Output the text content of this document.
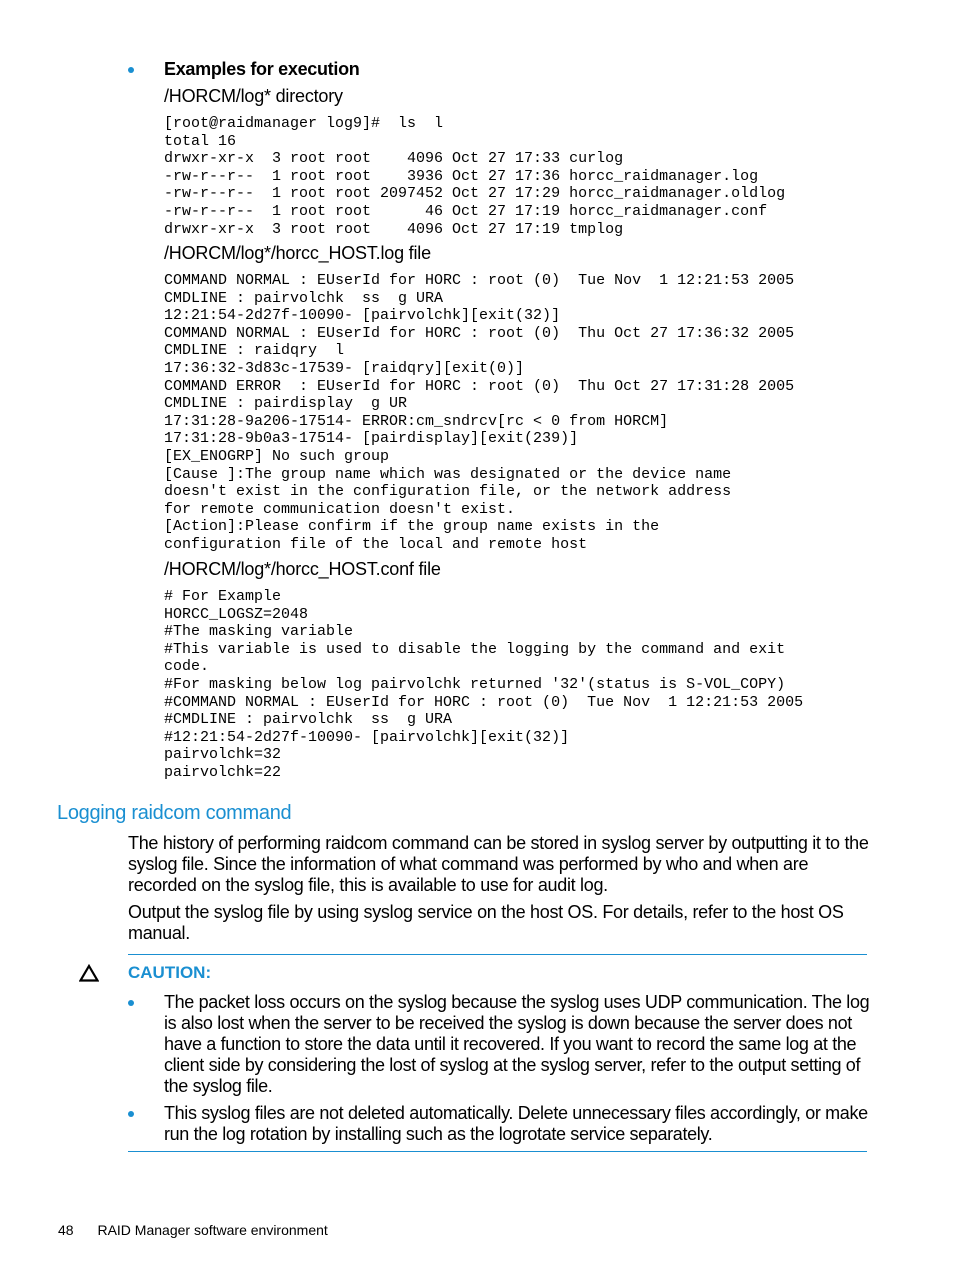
Examples for execution
/HORCM/log* directory
[root@raidmanager log9]#  ls  l
total 16
drwxr-xr-x  3 root root    4096 Oct 27 17:33 curlog
-rw-r--r--  1 root root    3936 Oct 27 17:36 horcc_raidmanager.log
-rw-r--r--  1 root root 2097452 Oct 27 17:29 horcc_raidmanager.oldlog
-rw-r--r--  1 root root      46 Oct 27 17:19 horcc_raidmanager.conf
drwxr-xr-x  3 root root    4096 Oct 27 17:19 tmplog
/HORCM/log*/horcc_HOST.log file
COMMAND NORMAL : EUserId for HORC : root (0)  Tue Nov  1 12:21:53 2005
CMDLINE : pairvolchk  ss  g URA
12:21:54-2d27f-10090- [pairvolchk][exit(32)]
COMMAND NORMAL : EUserId for HORC : root (0)  Thu Oct 27 17:36:32 2005
CMDLINE : raidqry  l
17:36:32-3d83c-17539- [raidqry][exit(0)]
COMMAND ERROR  : EUserId for HORC : root (0)  Thu Oct 27 17:31:28 2005
CMDLINE : pairdisplay  g UR
17:31:28-9a206-17514- ERROR:cm_sndrcv[rc < 0 from HORCM]
17:31:28-9b0a3-17514- [pairdisplay][exit(239)]
[EX_ENOGRP] No such group
[Cause ]:The group name which was designated or the device name
doesn't exist in the configuration file, or the network address
for remote communication doesn't exist.
[Action]:Please confirm if the group name exists in the
configuration file of the local and remote host
/HORCM/log*/horcc_HOST.conf file
# For Example
HORCC_LOGSZ=2048
#The masking variable
#This variable is used to disable the logging by the command and exit
code.
#For masking below log pairvolchk returned '32'(status is S-VOL_COPY)
#COMMAND NORMAL : EUserId for HORC : root (0)  Tue Nov  1 12:21:53 2005
#CMDLINE : pairvolchk  ss  g URA
#12:21:54-2d27f-10090- [pairvolchk][exit(32)]
pairvolchk=32
pairvolchk=22
Logging raidcom command
The history of performing raidcom command can be stored in syslog server by outputting it to the syslog file. Since the information of what command was performed by who and when are recorded on the syslog file, this is available to use for audit log.
Output the syslog file by using syslog service on the host OS. For details, refer to the host OS manual.
CAUTION:
The packet loss occurs on the syslog because the syslog uses UDP communication. The log is also lost when the server to be received the syslog is down because the server does not have a function to store the data until it recovered. If you want to record the same log at the client side by considering the lost of syslog at the syslog server, refer to the output setting of the syslog file.
This syslog files are not deleted automatically. Delete unnecessary files accordingly, or make run the log rotation by installing such as the logrotate service separately.
48 RAID Manager software environment
